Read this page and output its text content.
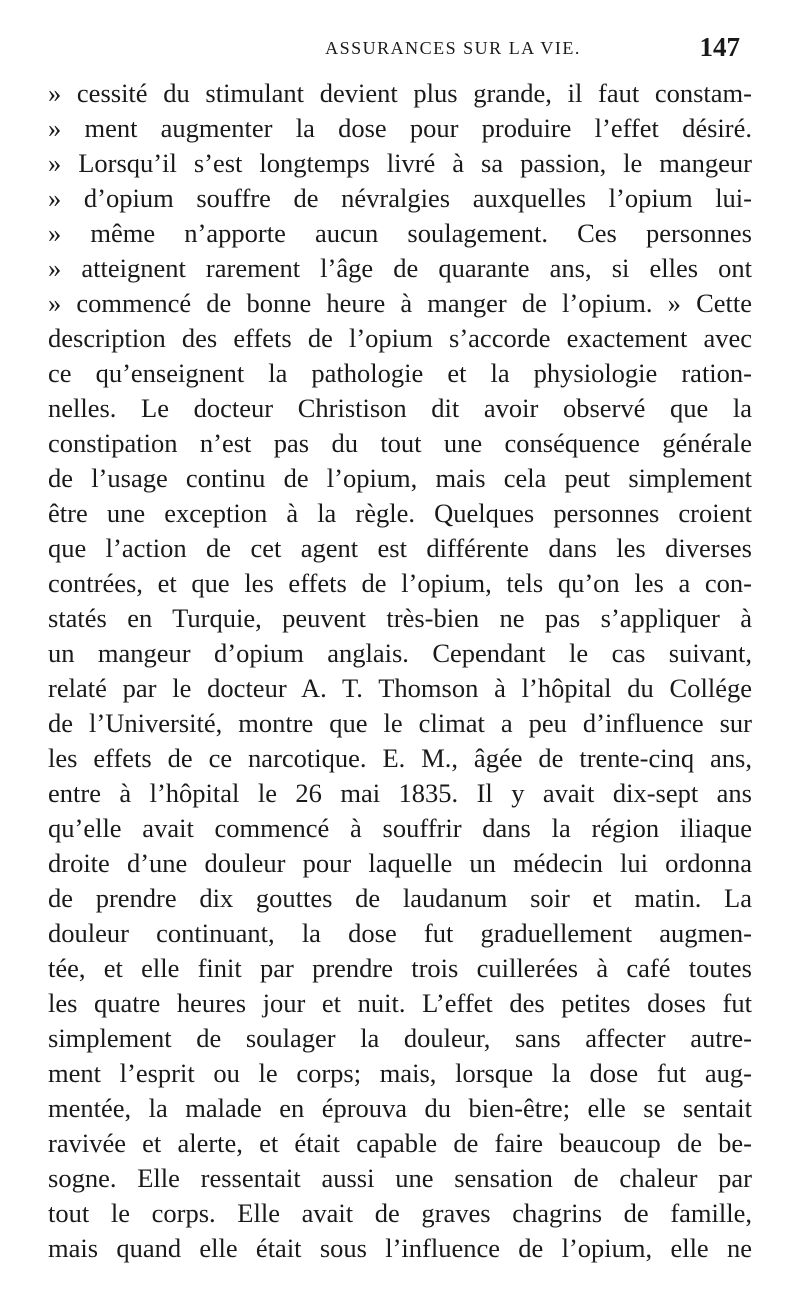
ASSURANCES SUR LA VIE.	147
» cessité du stimulant devient plus grande, il faut constam-
» ment augmenter la dose pour produire l’effet désiré.
» Lorsqu’il s’est longtemps livré à sa passion, le mangeur
» d’opium souffre de névralgies auxquelles l’opium lui-
» même n’apporte aucun soulagement. Ces personnes
» atteignent rarement l’âge de quarante ans, si elles ont
» commencé de bonne heure à manger de l’opium. » Cette
description des effets de l’opium s’accorde exactement avec
ce qu’enseignent la pathologie et la physiologie ration-
nelles. Le docteur Christison dit avoir observé que la
constipation n’est pas du tout une conséquence générale
de l’usage continu de l’opium, mais cela peut simplement
être une exception à la règle. Quelques personnes croient
que l’action de cet agent est différente dans les diverses
contrées, et que les effets de l’opium, tels qu’on les a con-
statés en Turquie, peuvent très-bien ne pas s’appliquer à
un mangeur d’opium anglais. Cependant le cas suivant,
relaté par le docteur A. T. Thomson à l’hôpital du Collége
de l’Université, montre que le climat a peu d’influence sur
les effets de ce narcotique. E. M., âgée de trente-cinq ans,
entre à l’hôpital le 26 mai 1835. Il y avait dix-sept ans
qu’elle avait commencé à souffrir dans la région iliaque
droite d’une douleur pour laquelle un médecin lui ordonna
de prendre dix gouttes de laudanum soir et matin. La
douleur continuant, la dose fut graduellement augmen-
tée, et elle finit par prendre trois cuillerées à café toutes
les quatre heures jour et nuit. L’effet des petites doses fut
simplement de soulager la douleur, sans affecter autre-
ment l’esprit ou le corps; mais, lorsque la dose fut aug-
mentée, la malade en éprouva du bien-être; elle se sentait
ravivée et alerte, et était capable de faire beaucoup de be-
sogne. Elle ressentait aussi une sensation de chaleur par
tout le corps. Elle avait de graves chagrins de famille,
mais quand elle était sous l’influence de l’opium, elle ne
